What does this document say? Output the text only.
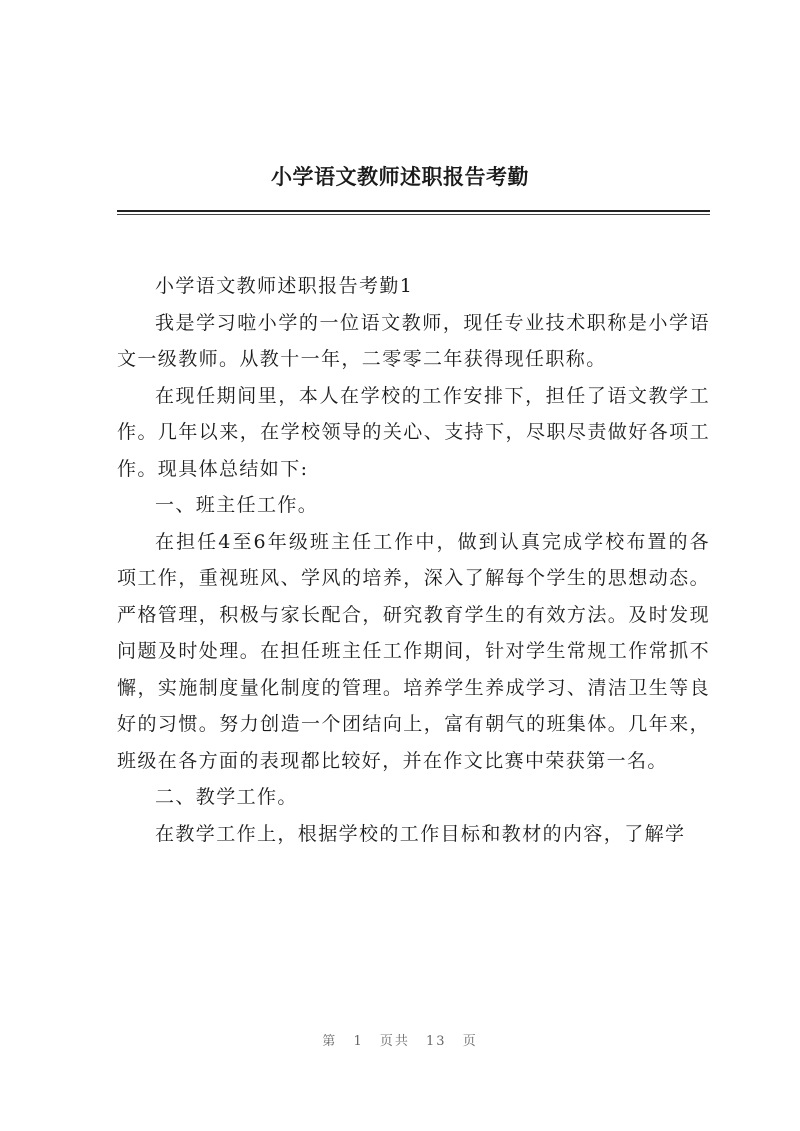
小学语文教师述职报告考勤

小学语文教师述职报告考勤1

我是学习啦小学的一位语文教师，现任专业技术职称是小学语文一级教师。从教十一年，二零零二年获得现任职称。

在现任期间里，本人在学校的工作安排下，担任了语文教学工作。几年以来，在学校领导的关心、支持下，尽职尽责做好各项工作。现具体总结如下:

一、班主任工作。

在担任4至6年级班主任工作中，做到认真完成学校布置的各项工作，重视班风、学风的培养，深入了解每个学生的思想动态。严格管理，积极与家长配合，研究教育学生的有效方法。及时发现问题及时处理。在担任班主任工作期间，针对学生常规工作常抓不懈，实施制度量化制度的管理。培养学生养成学习、清洁卫生等良好的习惯。努力创造一个团结向上，富有朝气的班集体。几年来，班级在各方面的表现都比较好，并在作文比赛中荣获第一名。

二、教学工作。

在教学工作上，根据学校的工作目标和教材的内容，了解学

第 1 页共 13 页
